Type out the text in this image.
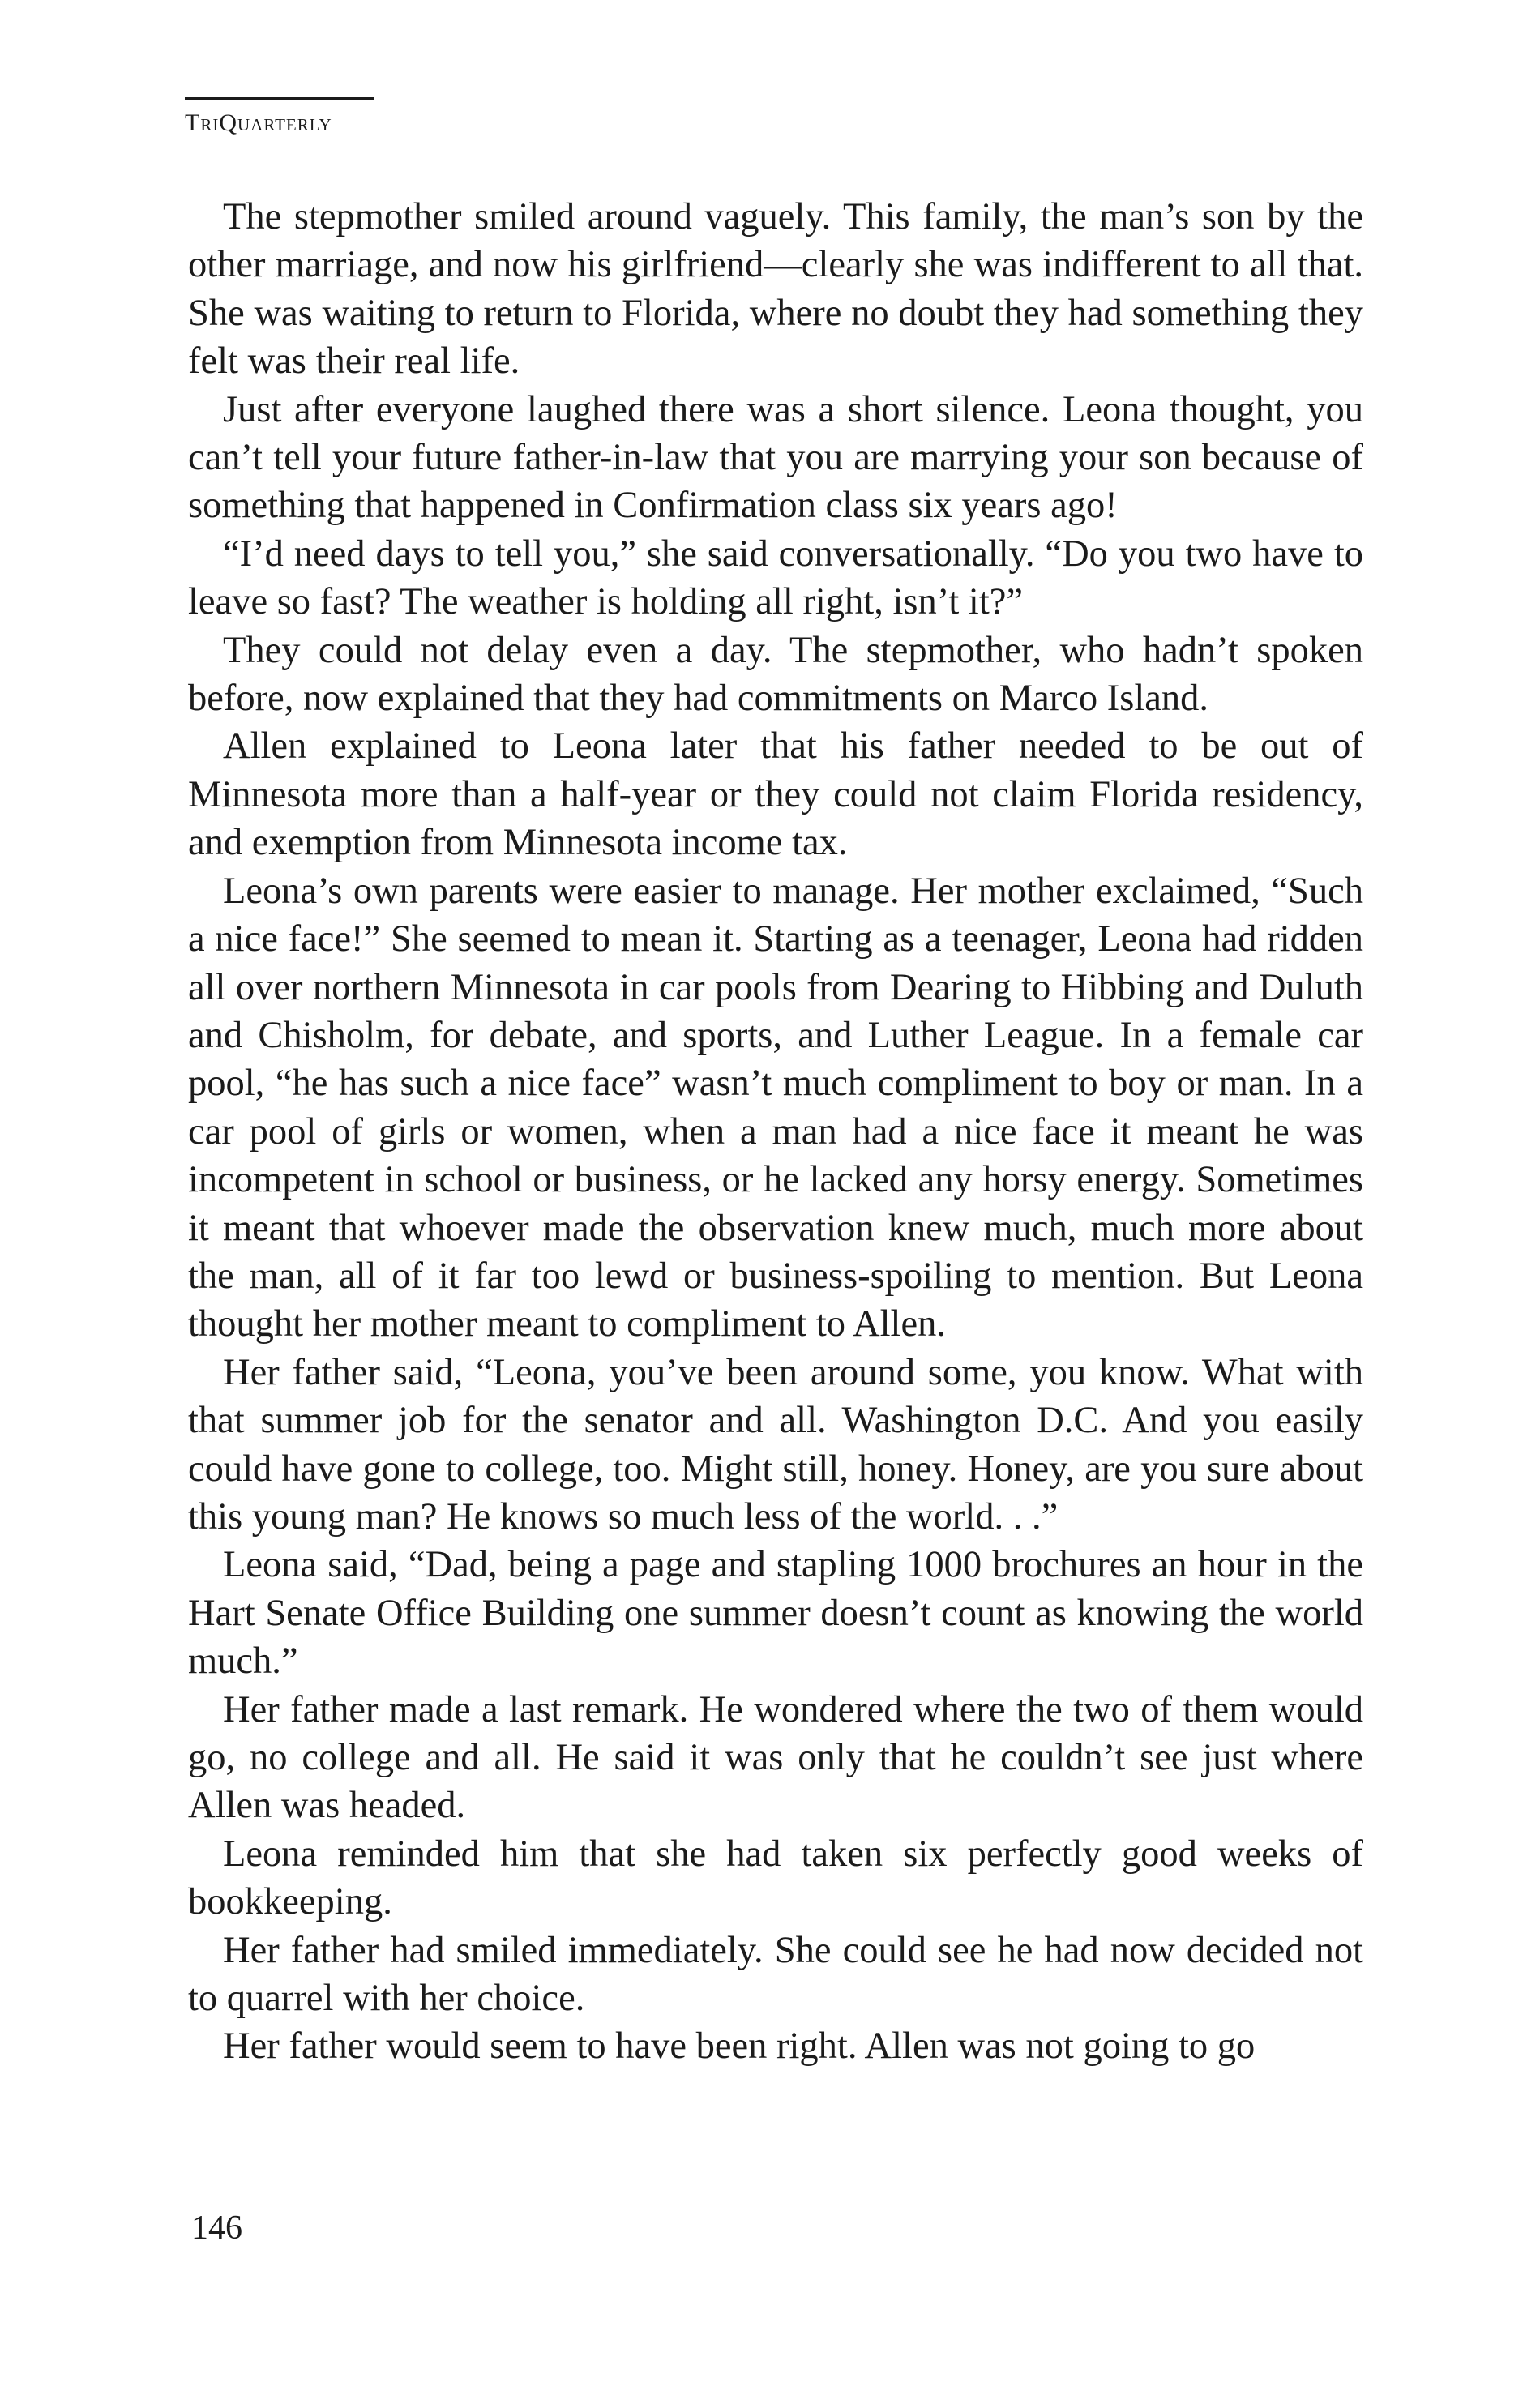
TriQuarterly

The stepmother smiled around vaguely. This family, the man’s son by the other marriage, and now his girlfriend—clearly she was indifferent to all that. She was waiting to return to Florida, where no doubt they had something they felt was their real life.

Just after everyone laughed there was a short silence. Leona thought, you can’t tell your future father-in-law that you are marrying your son because of something that happened in Confirmation class six years ago!

“I’d need days to tell you,” she said conversationally. “Do you two have to leave so fast? The weather is holding all right, isn’t it?”

They could not delay even a day. The stepmother, who hadn’t spoken before, now explained that they had commitments on Marco Island.

Allen explained to Leona later that his father needed to be out of Minnesota more than a half-year or they could not claim Florida residency, and exemption from Minnesota income tax.

Leona’s own parents were easier to manage. Her mother exclaimed, “Such a nice face!” She seemed to mean it. Starting as a teenager, Leona had ridden all over northern Minnesota in car pools from Dearing to Hibbing and Duluth and Chisholm, for debate, and sports, and Luther League. In a female car pool, “he has such a nice face” wasn’t much compliment to boy or man. In a car pool of girls or women, when a man had a nice face it meant he was incompetent in school or business, or he lacked any horsy energy. Sometimes it meant that whoever made the observation knew much, much more about the man, all of it far too lewd or business-spoiling to mention. But Leona thought her mother meant to compliment to Allen.

Her father said, “Leona, you’ve been around some, you know. What with that summer job for the senator and all. Washington D.C. And you easily could have gone to college, too. Might still, honey. Honey, are you sure about this young man? He knows so much less of the world. . .”

Leona said, “Dad, being a page and stapling 1000 brochures an hour in the Hart Senate Office Building one summer doesn’t count as knowing the world much.”

Her father made a last remark. He wondered where the two of them would go, no college and all. He said it was only that he couldn’t see just where Allen was headed.

Leona reminded him that she had taken six perfectly good weeks of bookkeeping.

Her father had smiled immediately. She could see he had now decided not to quarrel with her choice.

Her father would seem to have been right. Allen was not going to go

146
